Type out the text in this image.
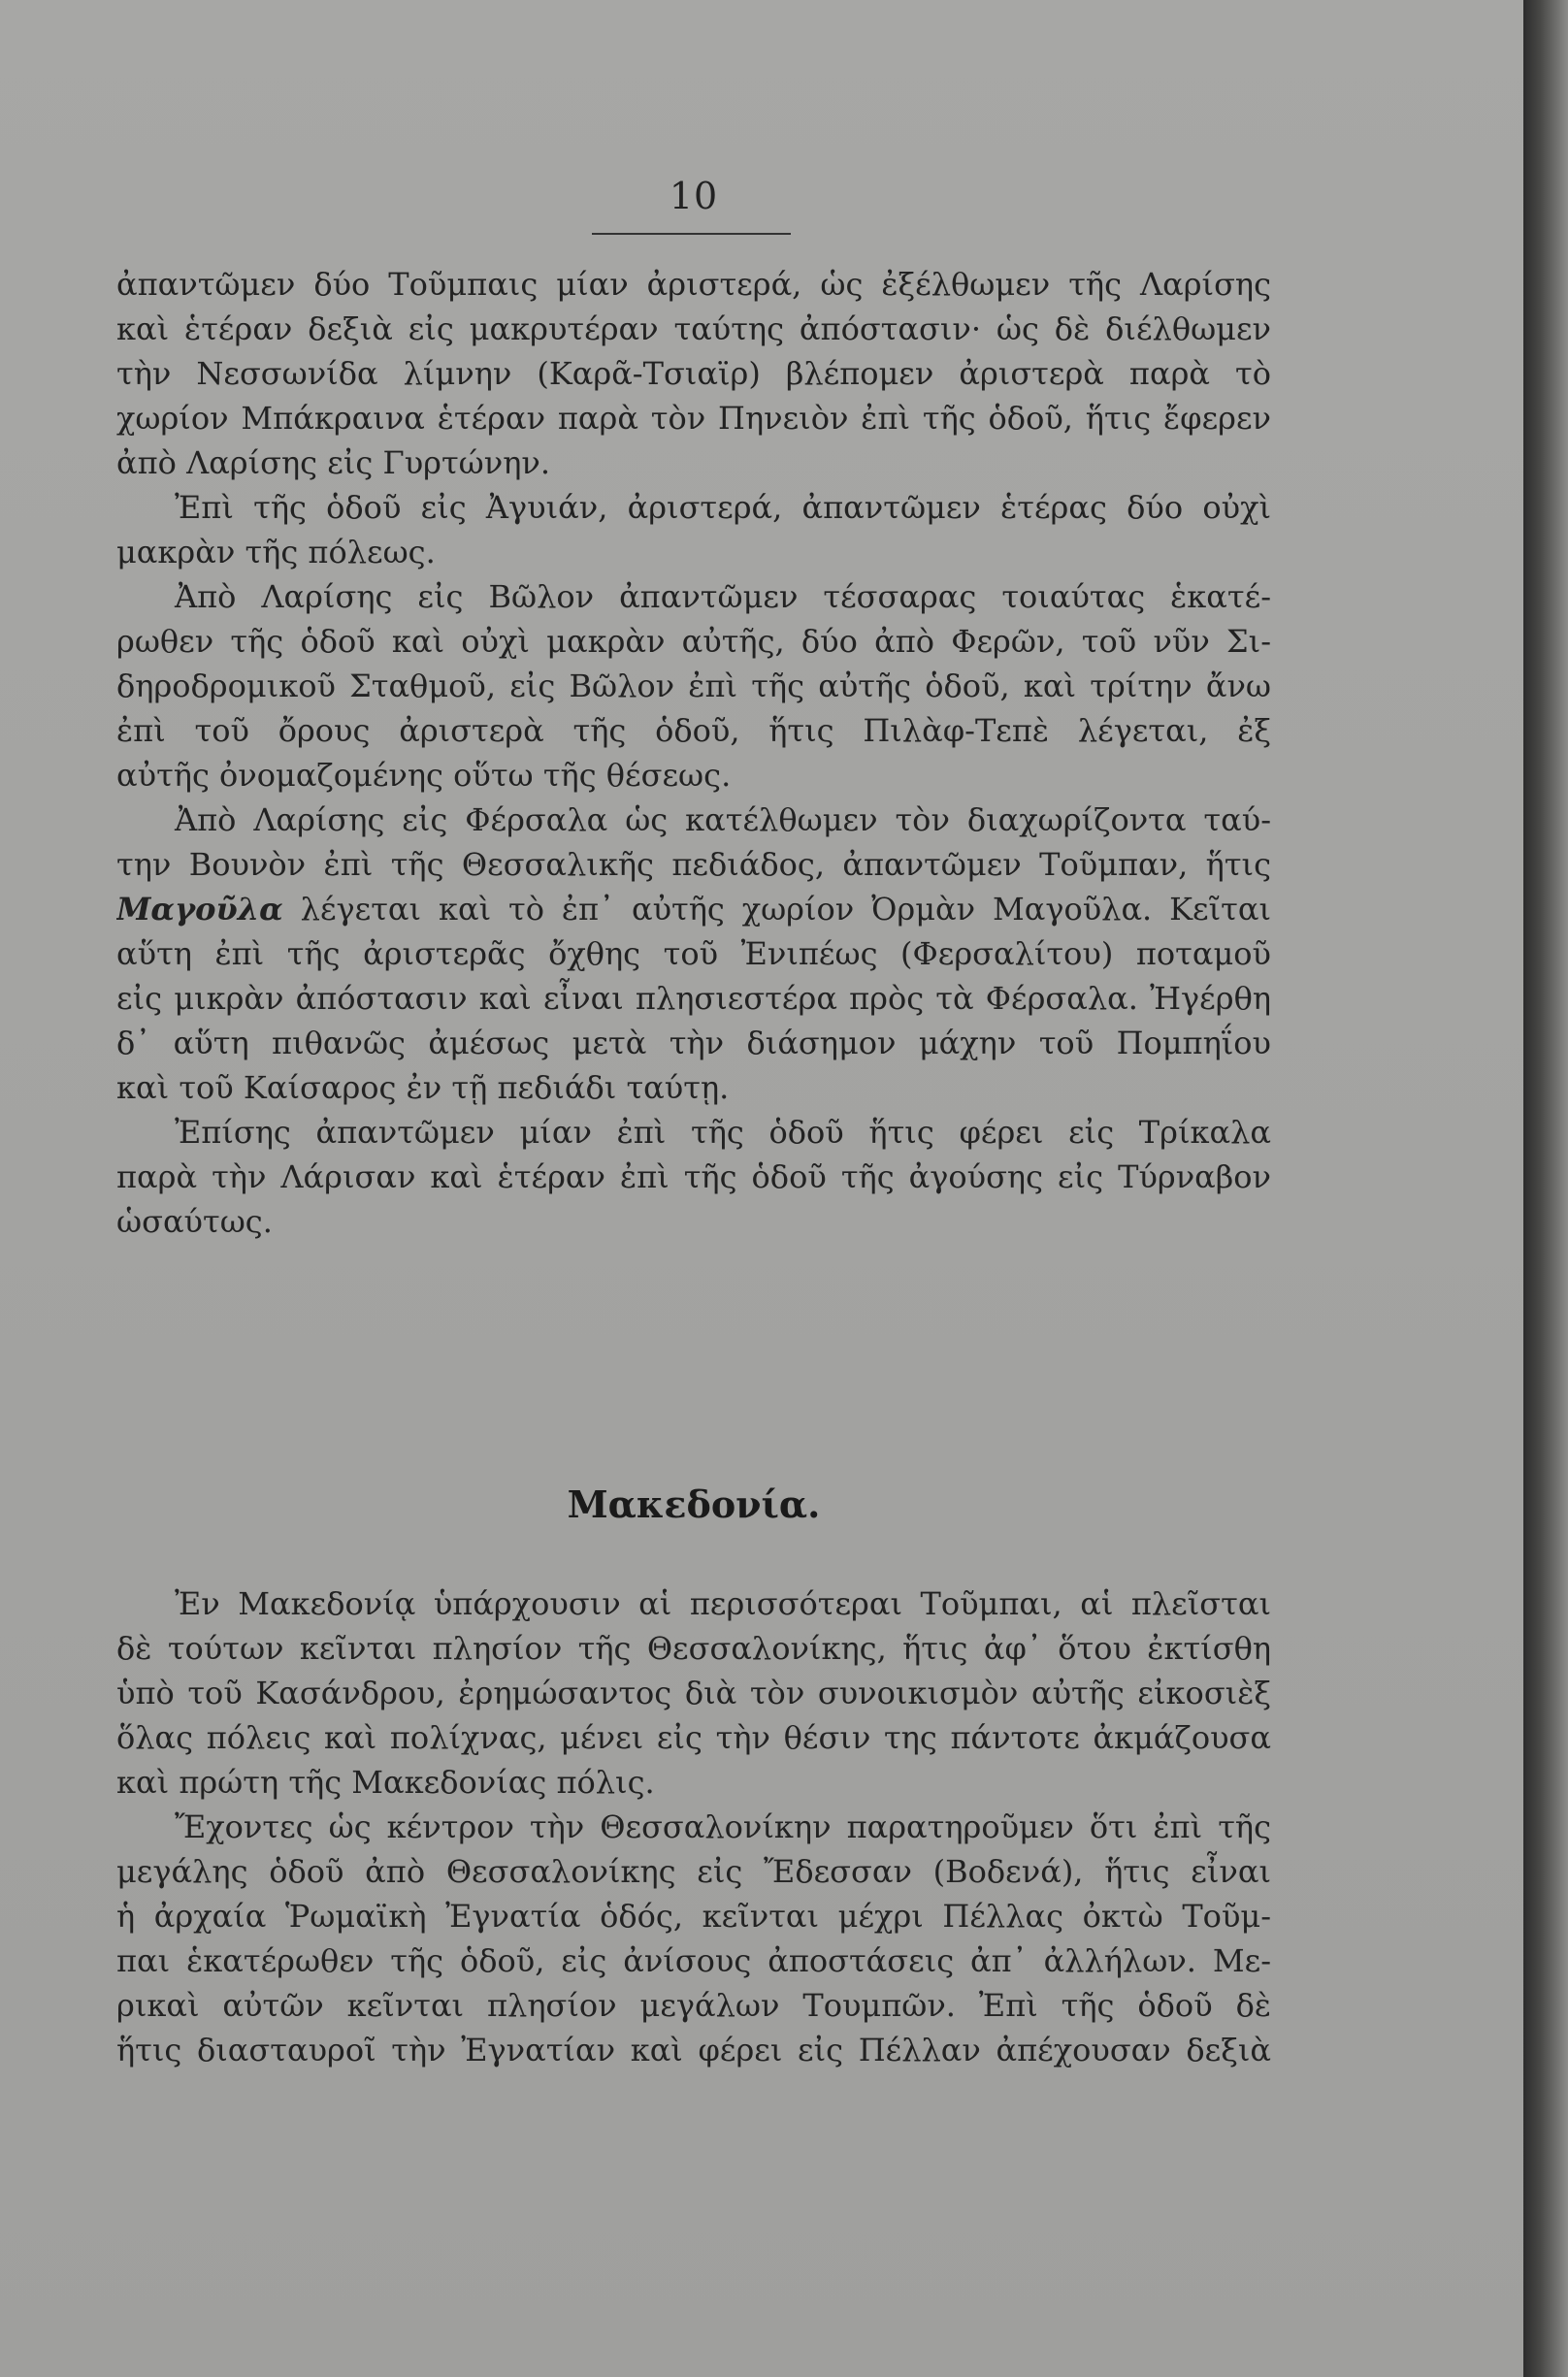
10
ἀπαντῶμεν δύο Τοῦμπαις μίαν ἀριστερά, ὡς ἐξέλθωμεν τῆς Λαρίσης
καὶ ἑτέραν δεξιὰ εἰς μακρυτέραν ταύτης ἀπόστασιν· ὡς δὲ διέλθωμεν
τὴν Νεσσωνίδα λίμνην (Καρᾶ-Τσιαϊρ) βλέπομεν ἀριστερὰ παρὰ τὸ
χωρίον Μπάκραινα ἑτέραν παρὰ τὸν Πηνειὸν ἐπὶ τῆς ὁδοῦ, ἥτις ἔφερεν
ἀπὸ Λαρίσης εἰς Γυρτώνην.
Ἐπὶ τῆς ὁδοῦ εἰς Ἀγυιάν, ἀριστερά, ἀπαντῶμεν ἑτέρας δύο οὐχὶ
μακρὰν τῆς πόλεως.
Ἀπὸ Λαρίσης εἰς Βῶλον ἀπαντῶμεν τέσσαρας τοιαύτας ἑκατέ-
ρωθεν τῆς ὁδοῦ καὶ οὐχὶ μακρὰν αὐτῆς, δύο ἀπὸ Φερῶν, τοῦ νῦν Σι-
δηροδρομικοῦ Σταθμοῦ, εἰς Βῶλον ἐπὶ τῆς αὐτῆς ὁδοῦ, καὶ τρίτην ἄνω
ἐπὶ τοῦ ὄρους ἀριστερὰ τῆς ὁδοῦ, ἥτις Πιλὰφ-Τεπὲ λέγεται, ἐξ
αὐτῆς ὀνομαζομένης οὕτω τῆς θέσεως.
Ἀπὸ Λαρίσης εἰς Φέρσαλα ὡς κατέλθωμεν τὸν διαχωρίζοντα ταύ-
την Βουνὸν ἐπὶ τῆς Θεσσαλικῆς πεδιάδος, ἀπαντῶμεν Τοῦμπαν, ἥτις
Μαγοῦλα λέγεται καὶ τὸ ἐπ᾽ αὐτῆς χωρίον Ὀρμὰν Μαγοῦλα. Κεῖται
αὕτη ἐπὶ τῆς ἀριστερᾶς ὄχθης τοῦ Ἐνιπέως (Φερσαλίτου) ποταμοῦ
εἰς μικρὰν ἀπόστασιν καὶ εἶναι πλησιεστέρα πρὸς τὰ Φέρσαλα. Ἠγέρθη
δ᾽ αὕτη πιθανῶς ἀμέσως μετὰ τὴν διάσημον μάχην τοῦ Πομπηΐου
καὶ τοῦ Καίσαρος ἐν τῇ πεδιάδι ταύτῃ.
Ἐπίσης ἀπαντῶμεν μίαν ἐπὶ τῆς ὁδοῦ ἥτις φέρει εἰς Τρίκαλα
παρὰ τὴν Λάρισαν καὶ ἑτέραν ἐπὶ τῆς ὁδοῦ τῆς ἀγούσης εἰς Τύρναβον
ὡσαύτως.
Μακεδονία.
Ἐν Μακεδονίᾳ ὑπάρχουσιν αἱ περισσότεραι Τοῦμπαι, αἱ πλεῖσται
δὲ τούτων κεῖνται πλησίον τῆς Θεσσαλονίκης, ἥτις ἀφ᾽ ὅτου ἐκτίσθη
ὑπὸ τοῦ Κασάνδρου, ἐρημώσαντος διὰ τὸν συνοικισμὸν αὐτῆς εἰκοσιὲξ
ὅλας πόλεις καὶ πολίχνας, μένει εἰς τὴν θέσιν της πάντοτε ἀκμάζουσα
καὶ πρώτη τῆς Μακεδονίας πόλις.
Ἔχοντες ὡς κέντρον τὴν Θεσσαλονίκην παρατηροῦμεν ὅτι ἐπὶ τῆς
μεγάλης ὁδοῦ ἀπὸ Θεσσαλονίκης εἰς Ἔδεσσαν (Βοδενά), ἥτις εἶναι
ἡ ἀρχαία Ῥωμαϊκὴ Ἐγνατία ὁδός, κεῖνται μέχρι Πέλλας ὀκτὼ Τοῦμ-
παι ἑκατέρωθεν τῆς ὁδοῦ, εἰς ἀνίσους ἀποστάσεις ἀπ᾽ ἀλλήλων. Με-
ρικαὶ αὐτῶν κεῖνται πλησίον μεγάλων Τουμπῶν. Ἐπὶ τῆς ὁδοῦ δὲ
ἥτις διασταυροῖ τὴν Ἐγνατίαν καὶ φέρει εἰς Πέλλαν ἀπέχουσαν δεξιὰ
